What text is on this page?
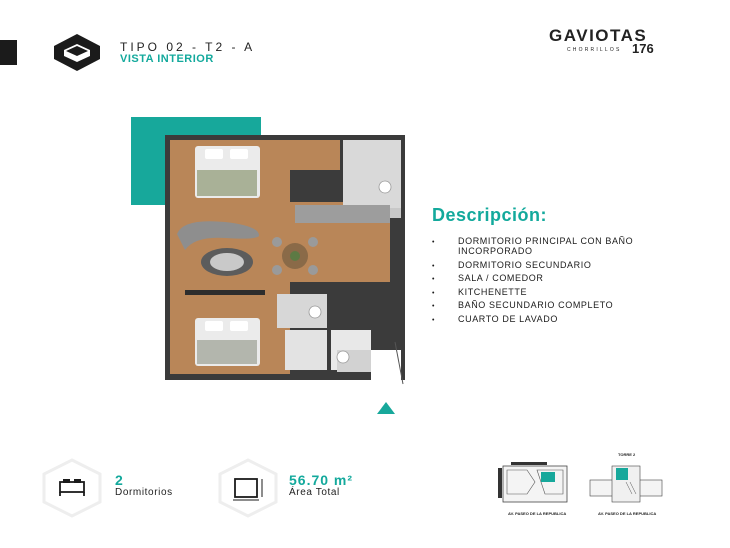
TIPO 02 - T2 - A
VISTA INTERIOR
GAVIOTAS
CHORRILLOS 176
Descripción:
• DORMITORIO PRINCIPAL CON BAÑO INCORPORADO
• DORMITORIO SECUNDARIO
• SALA / COMEDOR
• KITCHENETTE
• BAÑO SECUNDARIO COMPLETO
• CUARTO DE LAVADO
2
Dormitorios
56.70 m²
Área Total
AV. PASEO DE LA REPUBLICA
TORRE 2
AV. PASEO DE LA REPUBLICA
